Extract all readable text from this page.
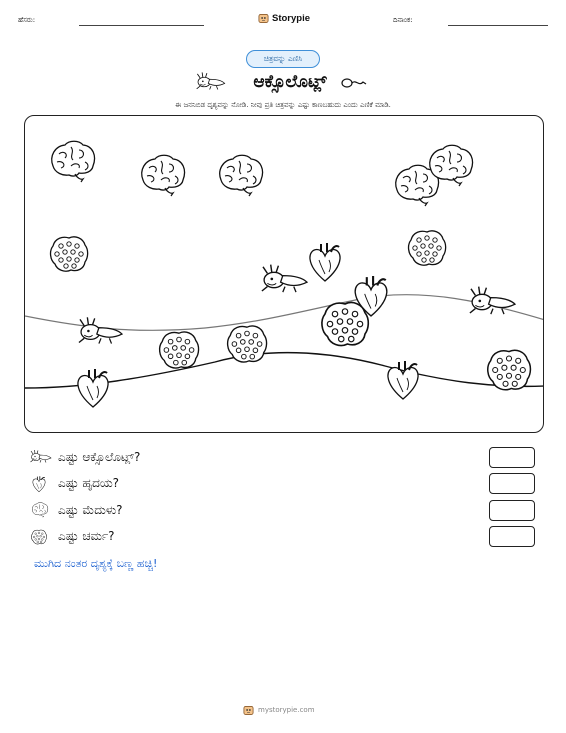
ಹೆಸರು:	Storypie	ದಿನಾಂಕ:
ಚಿತ್ರವನ್ನು ಎಣಿಸಿ
ಆಕ್ಸೊಲೊಟ್ಲ್
ಈ ಜನನಿಬಿಡ ದೃಶ್ಯವನ್ನು ನೋಡಿ. ನೀವು ಪ್ರತಿ ಚಿತ್ರವನ್ನು ಎಷ್ಟು ಕಾಣಬಹುದು ಎಂದು ಎಣಿಕೆ ಮಾಡಿ.
ಎಷ್ಟು ಆಕ್ಸೊಲೊಟ್ಲ್?
ಎಷ್ಟು ಹೃದಯ?
ಎಷ್ಟು ಮೆದುಳು?
ಎಷ್ಟು ಚರ್ಮ?
ಮುಗಿದ ನಂತರ ದೃಶ್ಯಕ್ಕೆ ಬಣ್ಣ ಹಚ್ಚಿ!
mystorypie.com
